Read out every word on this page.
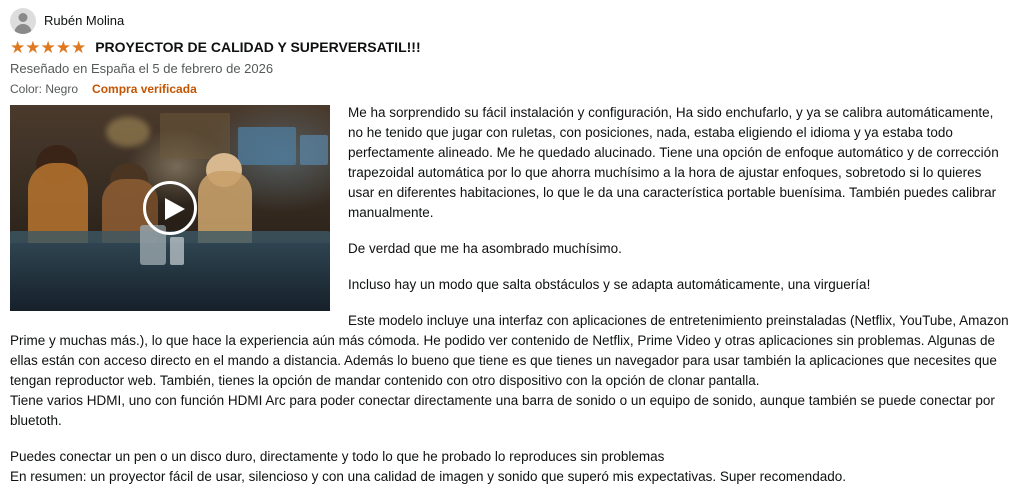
Rubén Molina
★★★★★ PROYECTOR DE CALIDAD Y SUPERVERSATIL!!!
Reseñado en España el 5 de febrero de 2026
Color: Negro Compra verificada

Me ha sorprendido su fácil instalación y configuración, Ha sido enchufarlo, y ya se calibra automáticamente, no he tenido que jugar con ruletas, con posiciones, nada, estaba eligiendo el idioma y ya estaba todo perfectamente alineado. Me he quedado alucinado. Tiene una opción de enfoque automático y de corrección trapezoidal automática por lo que ahorra muchísimo a la hora de ajustar enfoques, sobretodo si lo quieres usar en diferentes habitaciones, lo que le da una característica portable buenísima. También puedes calibrar manualmente.

De verdad que me ha asombrado muchísimo.

Incluso hay un modo que salta obstáculos y se adapta automáticamente, una virguería!

Este modelo incluye una interfaz con aplicaciones de entretenimiento preinstaladas (Netflix, YouTube, Amazon Prime y muchas más.), lo que hace la experiencia aún más cómoda. He podido ver contenido de Netflix, Prime Video y otras aplicaciones sin problemas. Algunas de ellas están con acceso directo en el mando a distancia. Además lo bueno que tiene es que tienes un navegador para usar también la aplicaciones que necesites que tengan reproductor web. También, tienes la opción de mandar contenido con otro dispositivo con la opción de clonar pantalla.

Tiene varios HDMI, uno con función HDMI Arc para poder conectar directamente una barra de sonido o un equipo de sonido, aunque también se puede conectar por bluetoth.

Puedes conectar un pen o un disco duro, directamente y todo lo que he probado lo reproduces sin problemas

En resumen: un proyector fácil de usar, silencioso y con una calidad de imagen y sonido que superó mis expectativas. Super recomendado.
